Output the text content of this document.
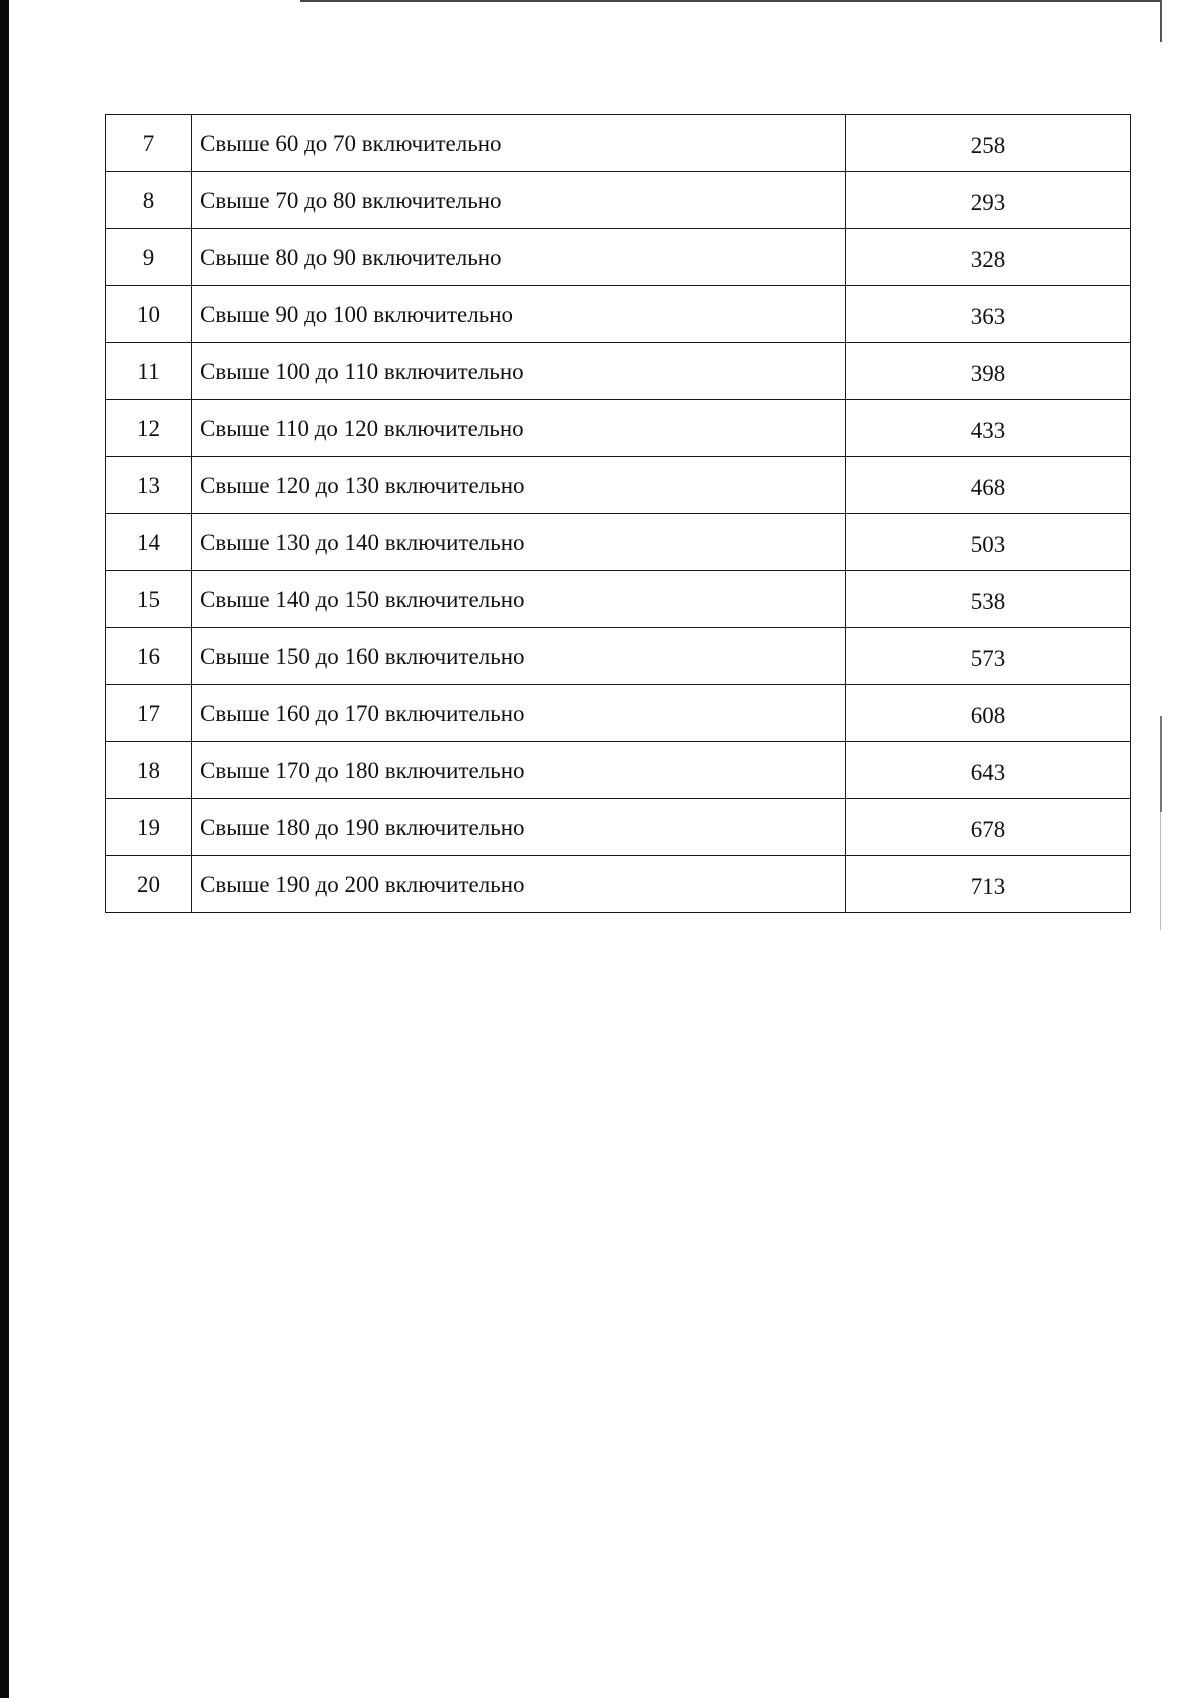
7	Свыше 60 до 70 включительно	258
8	Свыше 70 до 80 включительно	293
9	Свыше 80 до 90 включительно	328
10	Свыше 90 до 100 включительно	363
11	Свыше 100 до 110 включительно	398
12	Свыше 110 до 120 включительно	433
13	Свыше 120 до 130 включительно	468
14	Свыше 130 до 140 включительно	503
15	Свыше 140 до 150 включительно	538
16	Свыше 150 до 160 включительно	573
17	Свыше 160 до 170 включительно	608
18	Свыше 170 до 180 включительно	643
19	Свыше 180 до 190 включительно	678
20	Свыше 190 до 200 включительно	713
